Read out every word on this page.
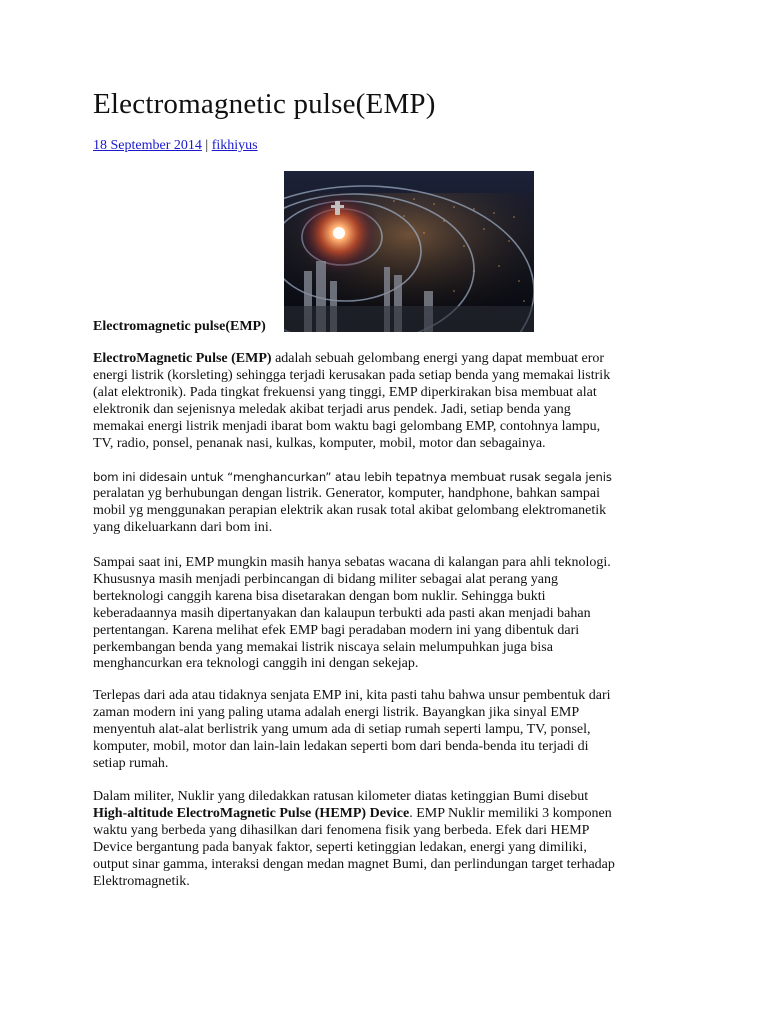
Electromagnetic pulse(EMP)
18 September 2014 | fikhiyus
Electromagnetic pulse(EMP)
ElectroMagnetic Pulse (EMP) adalah sebuah gelombang energi yang dapat membuat eror
energi listrik (korsleting) sehingga terjadi kerusakan pada setiap benda yang memakai listrik
(alat elektronik). Pada tingkat frekuensi yang tinggi, EMP diperkirakan bisa membuat alat
elektronik dan sejenisnya meledak akibat terjadi arus pendek. Jadi, setiap benda yang
memakai energi listrik menjadi ibarat bom waktu bagi gelombang EMP, contohnya lampu,
TV, radio, ponsel, penanak nasi, kulkas, komputer, mobil, motor dan sebagainya.
bom ini didesain untuk “menghancurkan” atau lebih tepatnya membuat rusak segala jenis
peralatan yg berhubungan dengan listrik. Generator, komputer, handphone, bahkan sampai
mobil yg menggunakan perapian elektrik akan rusak total akibat gelombang elektromanetik
yang dikeluarkann dari bom ini.
Sampai saat ini, EMP mungkin masih hanya sebatas wacana di kalangan para ahli teknologi.
Khususnya masih menjadi perbincangan di bidang militer sebagai alat perang yang
berteknologi canggih karena bisa disetarakan dengan bom nuklir. Sehingga bukti
keberadaannya masih dipertanyakan dan kalaupun terbukti ada pasti akan menjadi bahan
pertentangan. Karena melihat efek EMP bagi peradaban modern ini yang dibentuk dari
perkembangan benda yang memakai listrik niscaya selain melumpuhkan juga bisa
menghancurkan era teknologi canggih ini dengan sekejap.
Terlepas dari ada atau tidaknya senjata EMP ini, kita pasti tahu bahwa unsur pembentuk dari
zaman modern ini yang paling utama adalah energi listrik. Bayangkan jika sinyal EMP
menyentuh alat-alat berlistrik yang umum ada di setiap rumah seperti lampu, TV, ponsel,
komputer, mobil, motor dan lain-lain ledakan seperti bom dari benda-benda itu terjadi di
setiap rumah.
Dalam militer, Nuklir yang diledakkan ratusan kilometer diatas ketinggian Bumi disebut
High-altitude ElectroMagnetic Pulse (HEMP) Device. EMP Nuklir memiliki 3 komponen
waktu yang berbeda yang dihasilkan dari fenomena fisik yang berbeda. Efek dari HEMP
Device bergantung pada banyak faktor, seperti ketinggian ledakan, energi yang dimiliki,
output sinar gamma, interaksi dengan medan magnet Bumi, dan perlindungan target terhadap
Elektromagnetik.
